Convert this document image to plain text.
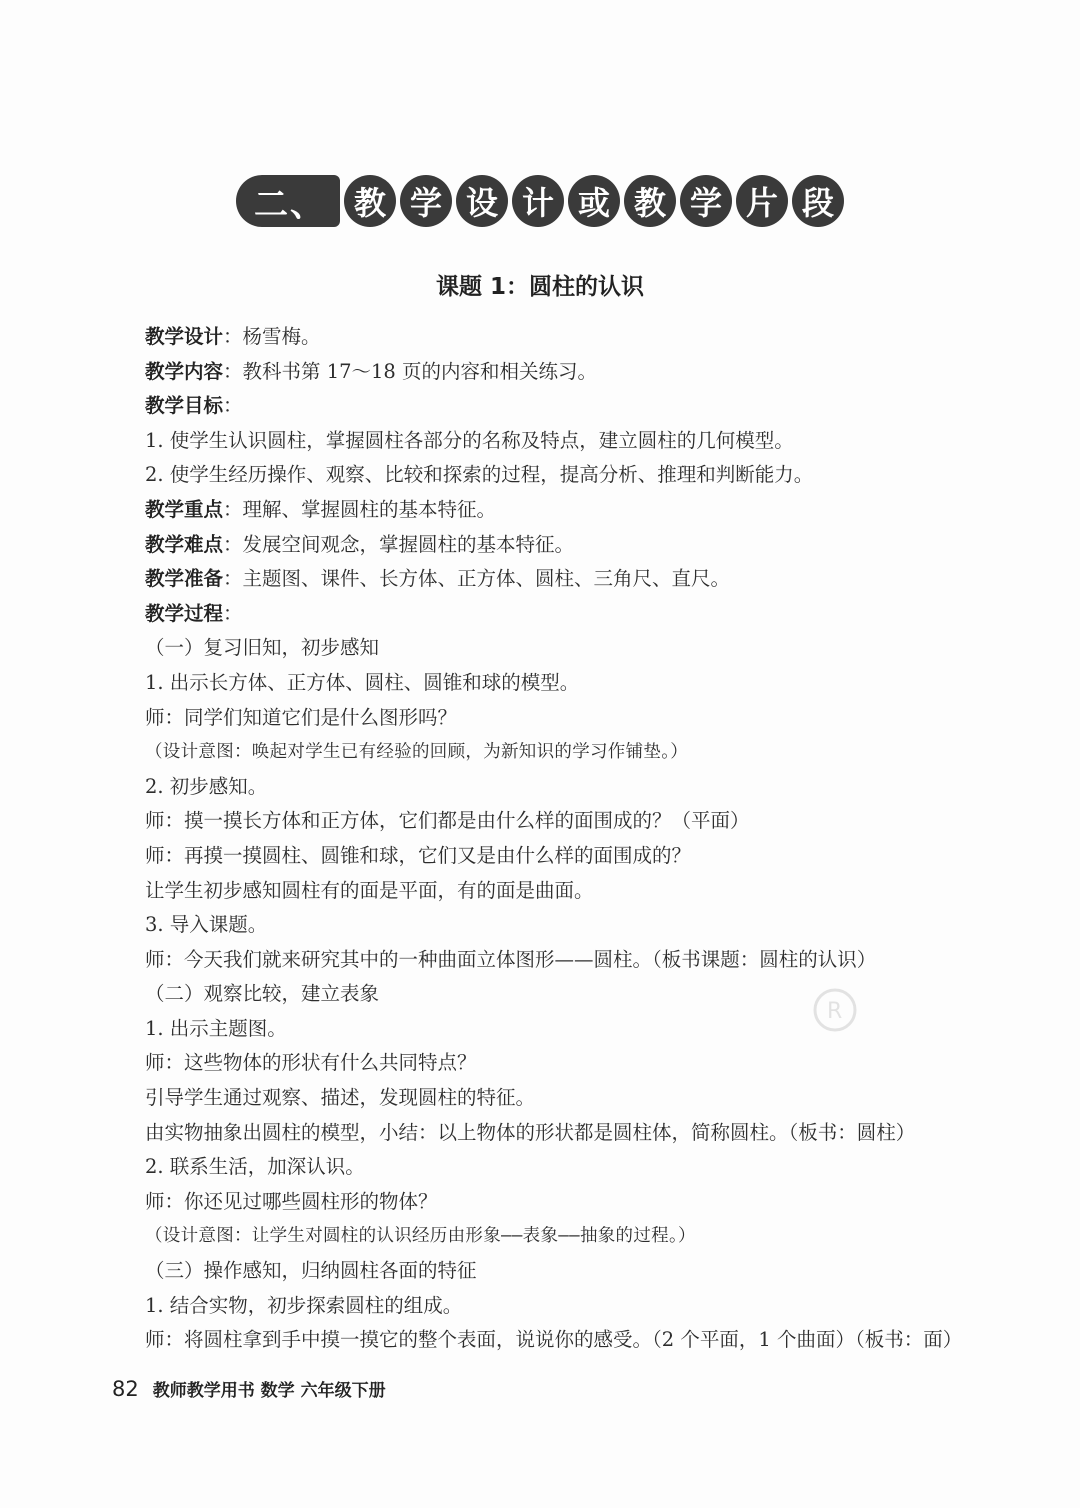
二、 教 学 设 计 或 教 学 片 段
课题 1：圆柱的认识
教学设计：杨雪梅。
教学内容：教科书第 17～18 页的内容和相关练习。
教学目标：
1. 使学生认识圆柱，掌握圆柱各部分的名称及特点，建立圆柱的几何模型。
2. 使学生经历操作、观察、比较和探索的过程，提高分析、推理和判断能力。
教学重点：理解、掌握圆柱的基本特征。
教学难点：发展空间观念，掌握圆柱的基本特征。
教学准备：主题图、课件、长方体、正方体、圆柱、三角尺、直尺。
教学过程：
（一）复习旧知，初步感知
1. 出示长方体、正方体、圆柱、圆锥和球的模型。
师：同学们知道它们是什么图形吗？
（设计意图：唤起对学生已有经验的回顾，为新知识的学习作铺垫。）
2. 初步感知。
师：摸一摸长方体和正方体，它们都是由什么样的面围成的？（平面）
师：再摸一摸圆柱、圆锥和球，它们又是由什么样的面围成的？
让学生初步感知圆柱有的面是平面，有的面是曲面。
3. 导入课题。
师：今天我们就来研究其中的一种曲面立体图形——圆柱。（板书课题：圆柱的认识）
（二）观察比较，建立表象
1. 出示主题图。
师：这些物体的形状有什么共同特点？
引导学生通过观察、描述，发现圆柱的特征。
由实物抽象出圆柱的模型，小结：以上物体的形状都是圆柱体，简称圆柱。（板书：圆柱）
2. 联系生活，加深认识。
师：你还见过哪些圆柱形的物体？
（设计意图：让学生对圆柱的认识经历由形象——表象——抽象的过程。）
（三）操作感知，归纳圆柱各面的特征
1. 结合实物，初步探索圆柱的组成。
师：将圆柱拿到手中摸一摸它的整个表面，说说你的感受。（2 个平面，1 个曲面）（板书：面）

R
82 教师教学用书 数学 六年级下册
